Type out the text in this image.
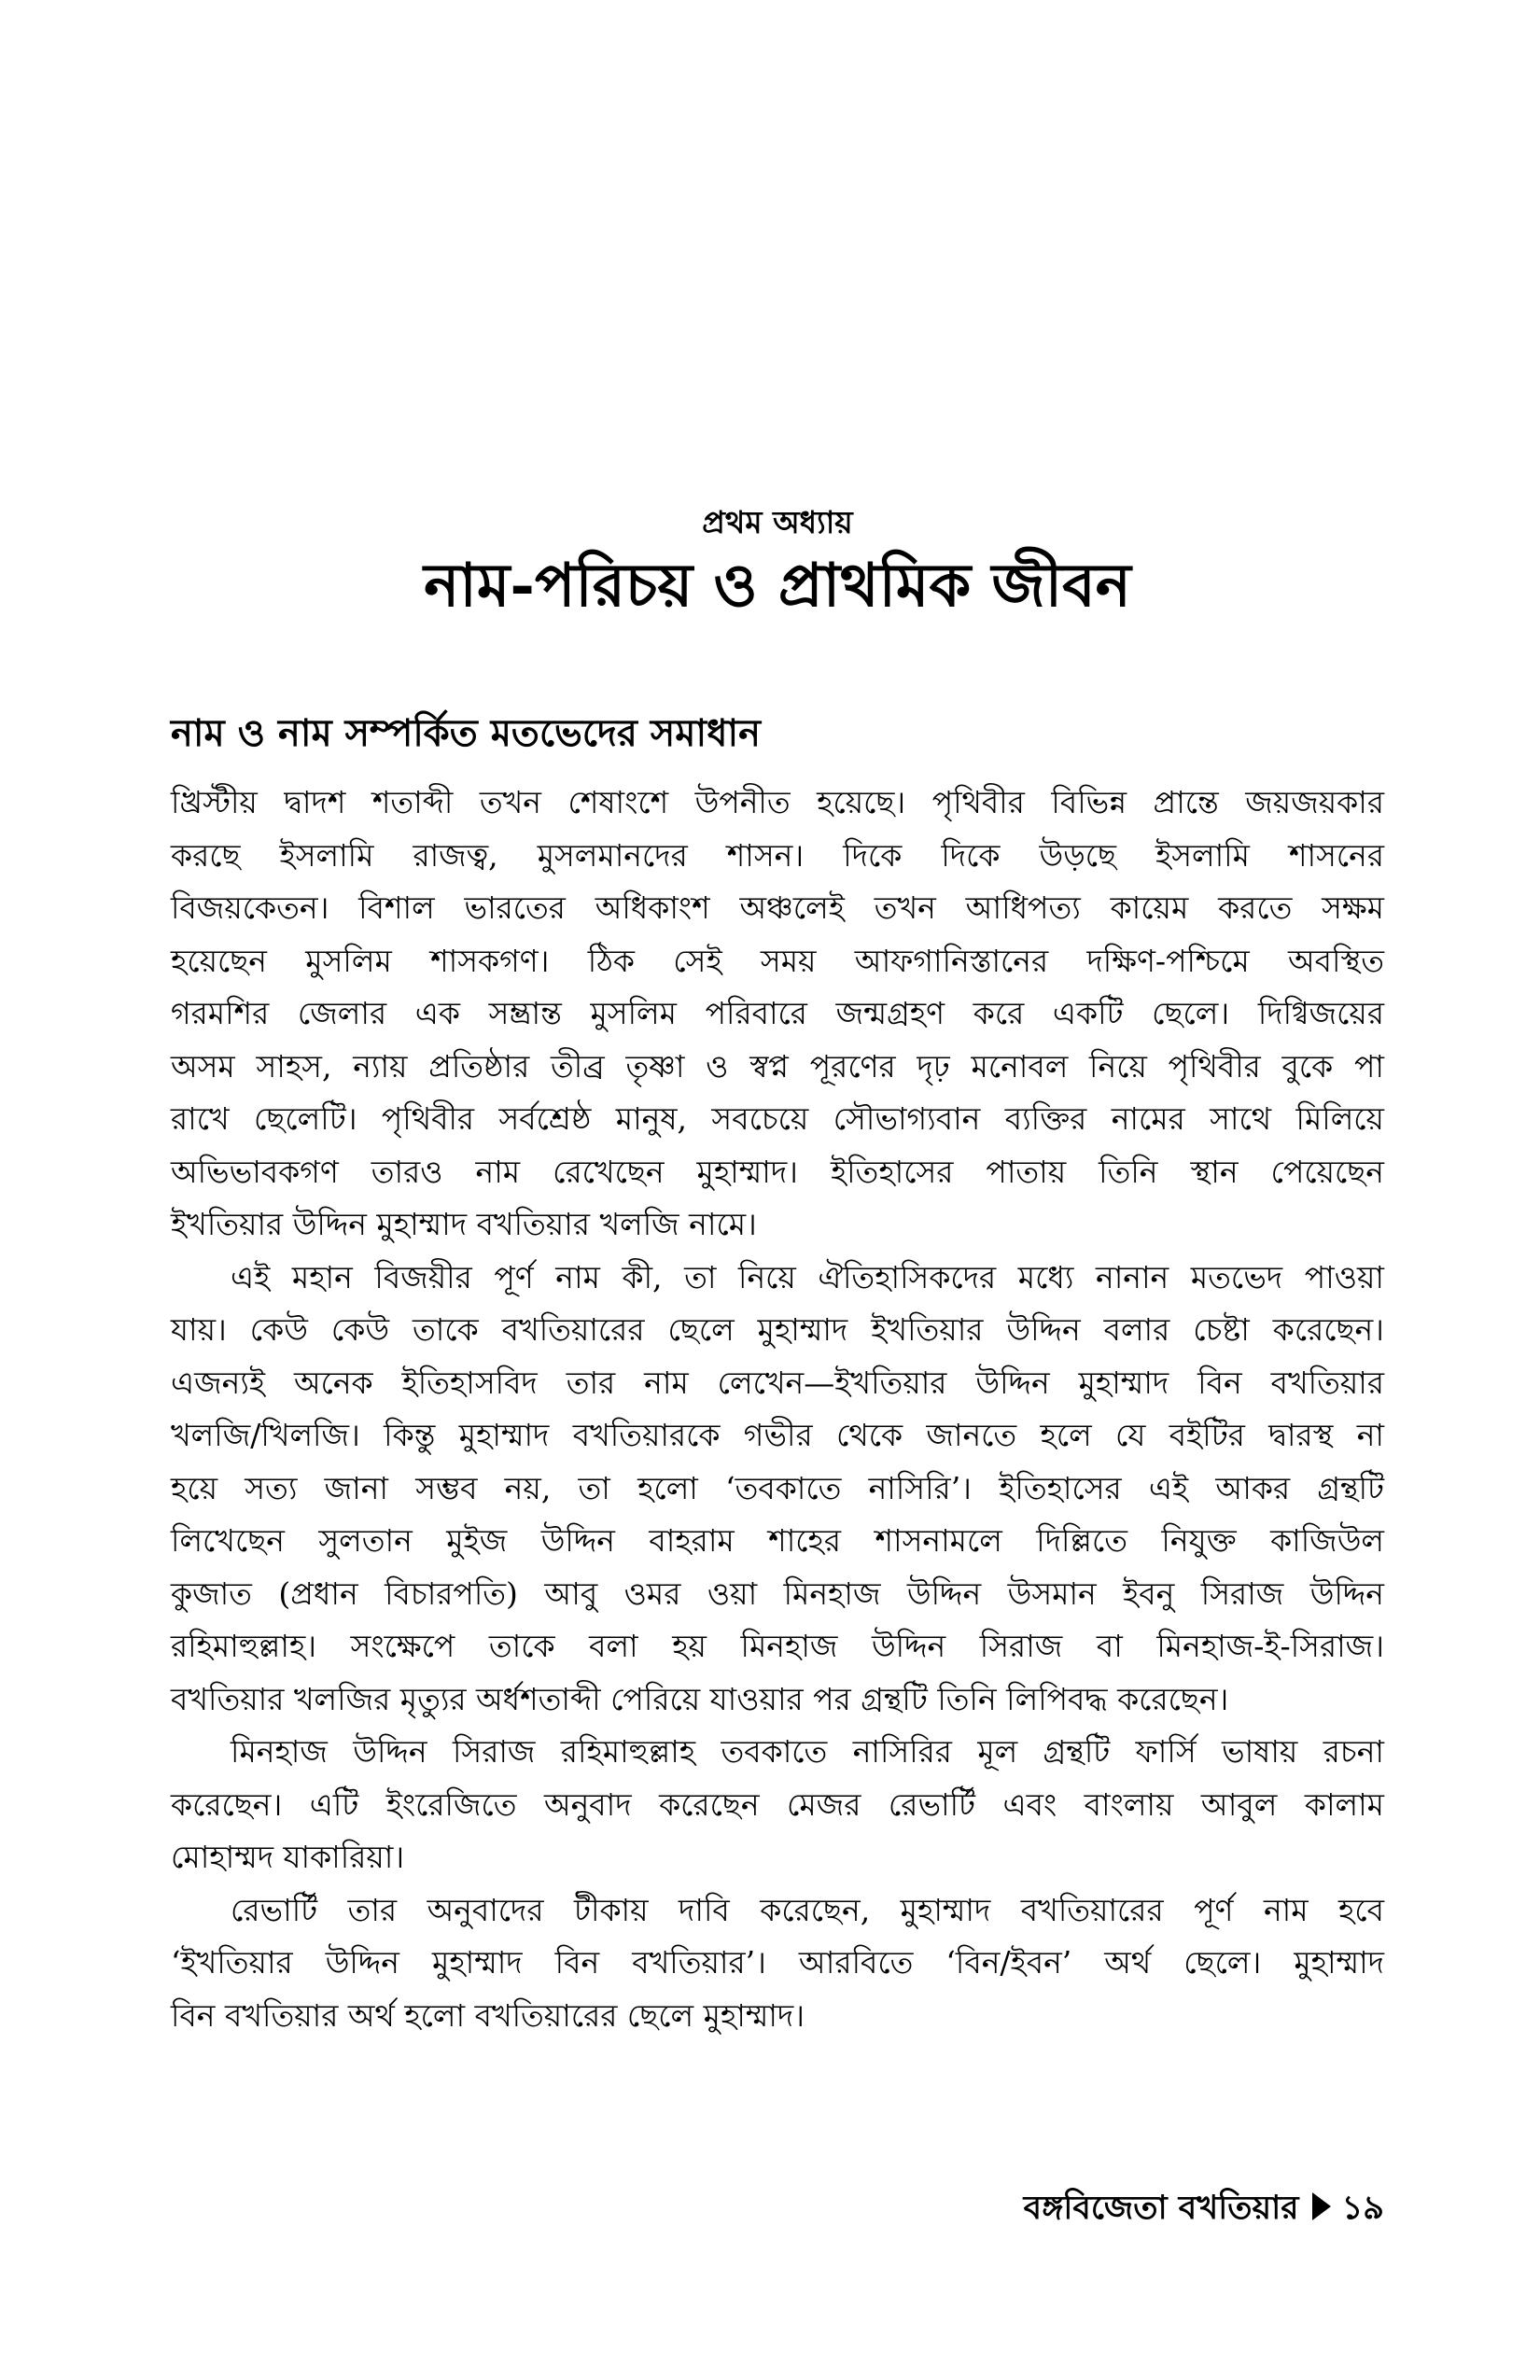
প্রথম অধ্যায়
নাম-পরিচয় ও প্রাথমিক জীবন
নাম ও নাম সম্পর্কিত মতভেদের সমাধান
খ্রিস্টীয় দ্বাদশ শতাব্দী তখন শেষাংশে উপনীত হয়েছে। পৃথিবীর বিভিন্ন প্রান্তে জয়জয়কার
করছে ইসলামি রাজত্ব, মুসলমানদের শাসন। দিকে দিকে উড়ছে ইসলামি শাসনের
বিজয়কেতন। বিশাল ভারতের অধিকাংশ অঞ্চলেই তখন আধিপত্য কায়েম করতে সক্ষম
হয়েছেন মুসলিম শাসকগণ। ঠিক সেই সময় আফগানিস্তানের দক্ষিণ-পশ্চিমে অবস্থিত
গরমশির জেলার এক সম্ভ্রান্ত মুসলিম পরিবারে জন্মগ্রহণ করে একটি ছেলে। দিগ্বিজয়ের
অসম সাহস, ন্যায় প্রতিষ্ঠার তীব্র তৃষ্ণা ও স্বপ্ন পূরণের দৃঢ় মনোবল নিয়ে পৃথিবীর বুকে পা
রাখে ছেলেটি। পৃথিবীর সর্বশ্রেষ্ঠ মানুষ, সবচেয়ে সৌভাগ্যবান ব্যক্তির নামের সাথে মিলিয়ে
অভিভাবকগণ তারও নাম রেখেছেন মুহাম্মাদ। ইতিহাসের পাতায় তিনি স্থান পেয়েছেন
ইখতিয়ার উদ্দিন মুহাম্মাদ বখতিয়ার খলজি নামে।
এই মহান বিজয়ীর পূর্ণ নাম কী, তা নিয়ে ঐতিহাসিকদের মধ্যে নানান মতভেদ পাওয়া
যায়। কেউ কেউ তাকে বখতিয়ারের ছেলে মুহাম্মাদ ইখতিয়ার উদ্দিন বলার চেষ্টা করেছেন।
এজন্যই অনেক ইতিহাসবিদ তার নাম লেখেন—ইখতিয়ার উদ্দিন মুহাম্মাদ বিন বখতিয়ার
খলজি/খিলজি। কিন্তু মুহাম্মাদ বখতিয়ারকে গভীর থেকে জানতে হলে যে বইটির দ্বারস্থ না
হয়ে সত্য জানা সম্ভব নয়, তা হলো ‘তবকাতে নাসিরি’। ইতিহাসের এই আকর গ্রন্থটি
লিখেছেন সুলতান মুইজ উদ্দিন বাহরাম শাহের শাসনামলে দিল্লিতে নিযুক্ত কাজিউল
কুজাত (প্রধান বিচারপতি) আবু ওমর ওয়া মিনহাজ উদ্দিন উসমান ইবনু সিরাজ উদ্দিন
রহিমাহুল্লাহ। সংক্ষেপে তাকে বলা হয় মিনহাজ উদ্দিন সিরাজ বা মিনহাজ-ই-সিরাজ।
বখতিয়ার খলজির মৃত্যুর অর্ধশতাব্দী পেরিয়ে যাওয়ার পর গ্রন্থটি তিনি লিপিবদ্ধ করেছেন।
মিনহাজ উদ্দিন সিরাজ রহিমাহুল্লাহ তবকাতে নাসিরির মূল গ্রন্থটি ফার্সি ভাষায় রচনা
করেছেন। এটি ইংরেজিতে অনুবাদ করেছেন মেজর রেভার্টি এবং বাংলায় আবুল কালাম
মোহাম্মদ যাকারিয়া।
রেভার্টি তার অনুবাদের টীকায় দাবি করেছেন, মুহাম্মাদ বখতিয়ারের পূর্ণ নাম হবে
‘ইখতিয়ার উদ্দিন মুহাম্মাদ বিন বখতিয়ার’। আরবিতে ‘বিন/ইবন’ অর্থ ছেলে। মুহাম্মাদ
বিন বখতিয়ার অর্থ হলো বখতিয়ারের ছেলে মুহাম্মাদ।
বঙ্গবিজেতা বখতিয়ার ১৯
